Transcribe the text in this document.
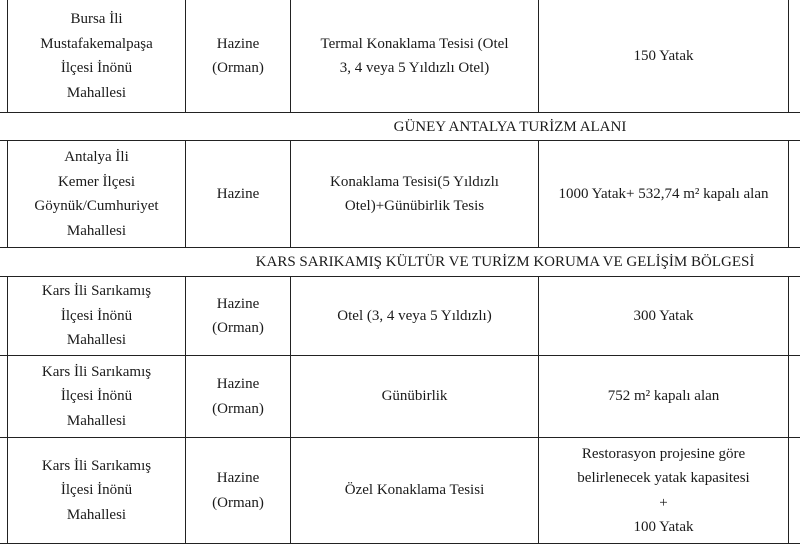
Bursa İli
Mustafakemalpaşa
İlçesi İnönü
Mahallesi
Hazine
(Orman)
Termal Konaklama Tesisi (Otel
3, 4 veya 5 Yıldızlı Otel)
150 Yatak
GÜNEY ANTALYA TURİZM ALANI
Antalya İli
Kemer İlçesi
Göynük/Cumhuriyet
Mahallesi
Hazine
Konaklama Tesisi(5 Yıldızlı
Otel)+Günübirlik Tesis
1000 Yatak+ 532,74 m² kapalı alan
KARS SARIKAMIŞ KÜLTÜR VE TURİZM KORUMA VE GELİŞİM BÖLGESİ
Kars İli Sarıkamış
İlçesi İnönü
Mahallesi
Hazine
(Orman)
Otel (3, 4 veya 5 Yıldızlı)	300 Yatak
Kars İli Sarıkamış
İlçesi İnönü
Mahallesi
Hazine
(Orman)
Günübirlik	752 m² kapalı alan
Kars İli Sarıkamış
İlçesi İnönü
Mahallesi
Hazine
(Orman)
Özel Konaklama Tesisi
Restorasyon projesine göre
belirlenecek yatak kapasitesi
+
100 Yatak
